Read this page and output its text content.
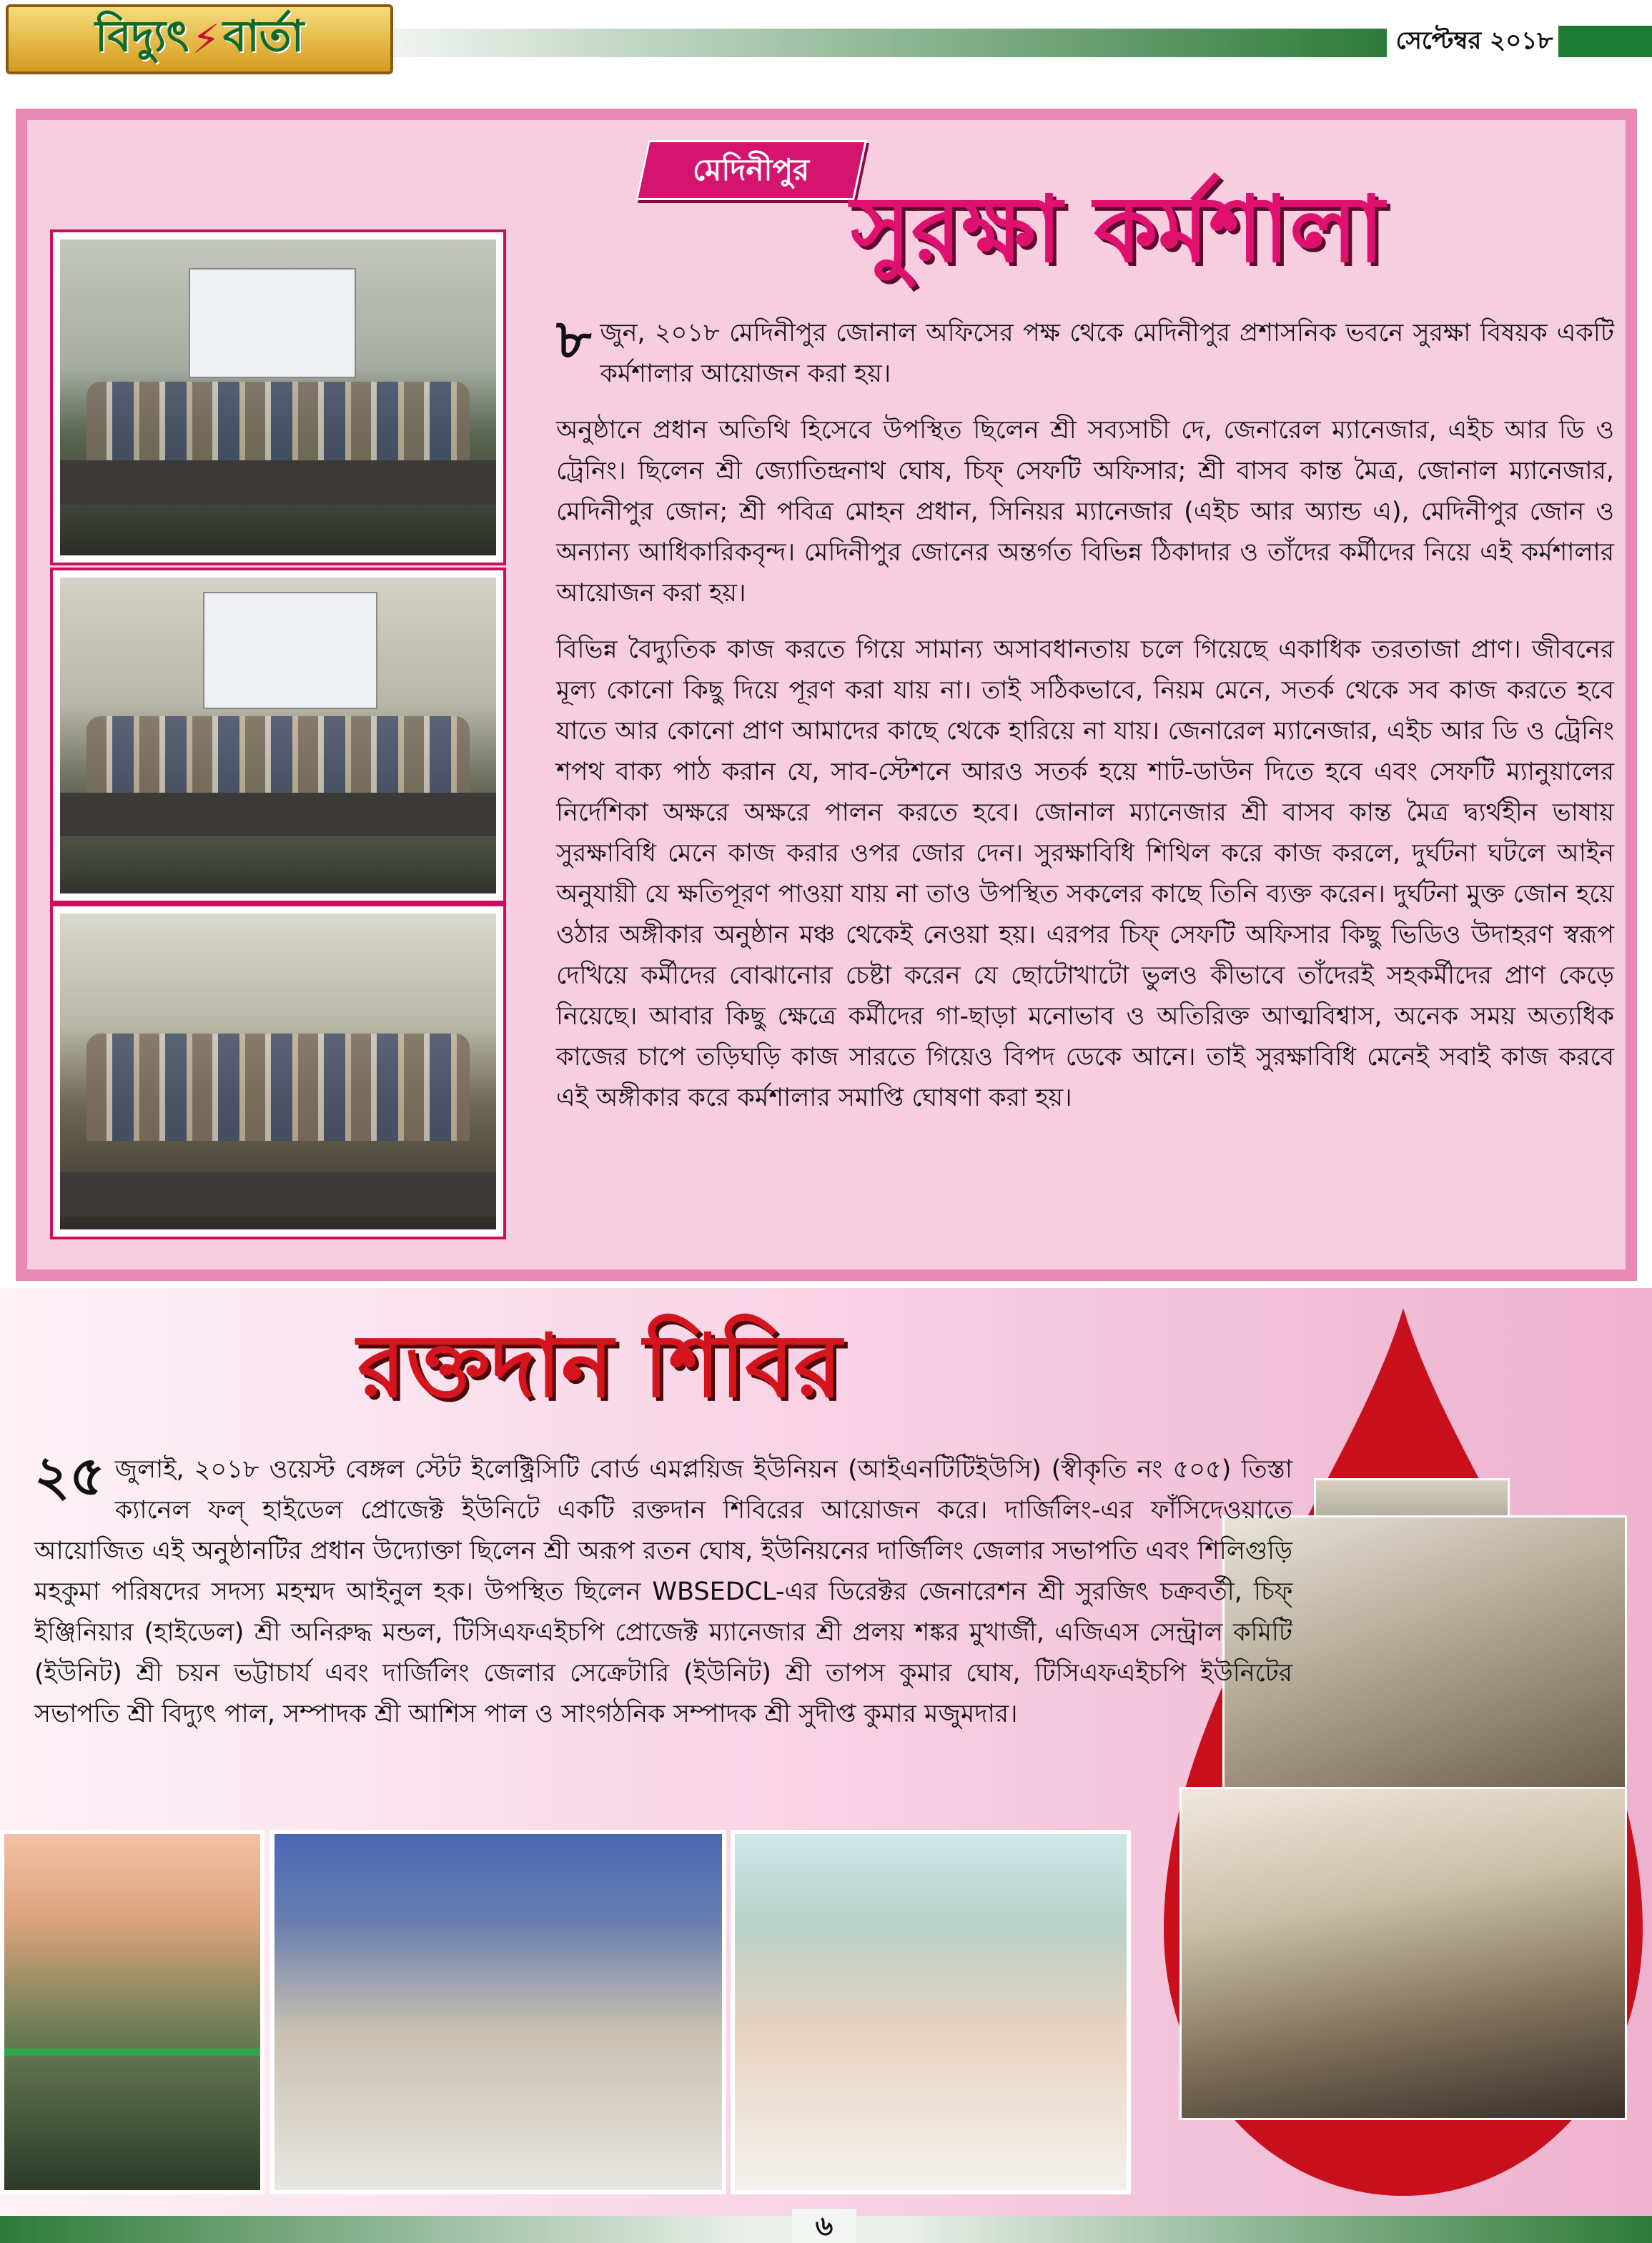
বিদ্যুৎ ⚡ বার্তা	সেপ্টেম্বর ২০১৮
মেদিনীপুর
সুরক্ষা কর্মশালা

৮ জুন, ২০১৮ মেদিনীপুর জোনাল অফিসের পক্ষ থেকে মেদিনীপুর প্রশাসনিক ভবনে সুরক্ষা বিষয়ক একটি কর্মশালার আয়োজন করা হয়।

অনুষ্ঠানে প্রধান অতিথি হিসেবে উপস্থিত ছিলেন শ্রী সব্যসাচী দে, জেনারেল ম্যানেজার, এইচ আর ডি ও ট্রেনিং। ছিলেন শ্রী জ্যোতিন্দ্রনাথ ঘোষ, চিফ্ সেফটি অফিসার; শ্রী বাসব কান্ত মৈত্র, জোনাল ম্যানেজার, মেদিনীপুর জোন; শ্রী পবিত্র মোহন প্রধান, সিনিয়র ম্যানেজার (এইচ আর অ্যান্ড এ), মেদিনীপুর জোন ও অন্যান্য আধিকারিকবৃন্দ। মেদিনীপুর জোনের অন্তর্গত বিভিন্ন ঠিকাদার ও তাঁদের কর্মীদের নিয়ে এই কর্মশালার আয়োজন করা হয়।

বিভিন্ন বৈদ্যুতিক কাজ করতে গিয়ে সামান্য অসাবধানতায় চলে গিয়েছে একাধিক তরতাজা প্রাণ। জীবনের মূল্য কোনো কিছু দিয়ে পূরণ করা যায় না। তাই সঠিকভাবে, নিয়ম মেনে, সতর্ক থেকে সব কাজ করতে হবে যাতে আর কোনো প্রাণ আমাদের কাছে থেকে হারিয়ে না যায়। জেনারেল ম্যানেজার, এইচ আর ডি ও ট্রেনিং শপথ বাক্য পাঠ করান যে, সাব-স্টেশনে আরও সতর্ক হয়ে শাট-ডাউন দিতে হবে এবং সেফটি ম্যানুয়ালের নির্দেশিকা অক্ষরে অক্ষরে পালন করতে হবে। জোনাল ম্যানেজার শ্রী বাসব কান্ত মৈত্র দ্ব্যর্থহীন ভাষায় সুরক্ষাবিধি মেনে কাজ করার ওপর জোর দেন। সুরক্ষাবিধি শিথিল করে কাজ করলে, দুর্ঘটনা ঘটলে আইন অনুযায়ী যে ক্ষতিপূরণ পাওয়া যায় না তাও উপস্থিত সকলের কাছে তিনি ব্যক্ত করেন। দুর্ঘটনা মুক্ত জোন হয়ে ওঠার অঙ্গীকার অনুষ্ঠান মঞ্চ থেকেই নেওয়া হয়। এরপর চিফ্ সেফটি অফিসার কিছু ভিডিও উদাহরণ স্বরূপ দেখিয়ে কর্মীদের বোঝানোর চেষ্টা করেন যে ছোটোখাটো ভুলও কীভাবে তাঁদেরই সহকর্মীদের প্রাণ কেড়ে নিয়েছে। আবার কিছু ক্ষেত্রে কর্মীদের গা-ছাড়া মনোভাব ও অতিরিক্ত আত্মবিশ্বাস, অনেক সময় অত্যধিক কাজের চাপে তড়িঘড়ি কাজ সারতে গিয়েও বিপদ ডেকে আনে। তাই সুরক্ষাবিধি মেনেই সবাই কাজ করবে এই অঙ্গীকার করে কর্মশালার সমাপ্তি ঘোষণা করা হয়।

রক্তদান শিবির
২৫ জুলাই, ২০১৮ ওয়েস্ট বেঙ্গল স্টেট ইলেক্ট্রিসিটি বোর্ড এমপ্লয়িজ ইউনিয়ন (আইএনটিটিইউসি) (স্বীকৃতি নং ৫০৫) তিস্তা ক্যানেল ফল্ হাইডেল প্রোজেক্ট ইউনিটে একটি রক্তদান শিবিরের আয়োজন করে। দার্জিলিং-এর ফাঁসিদেওয়াতে আয়োজিত এই অনুষ্ঠানটির প্রধান উদ্যোক্তা ছিলেন শ্রী অরূপ রতন ঘোষ, ইউনিয়নের দার্জিলিং জেলার সভাপতি এবং শিলিগুড়ি মহকুমা পরিষদের সদস্য মহম্মদ আইনুল হক। উপস্থিত ছিলেন WBSEDCL-এর ডিরেক্টর জেনারেশন শ্রী সুরজিৎ চক্রবর্তী, চিফ্ ইঞ্জিনিয়ার (হাইডেল) শ্রী অনিরুদ্ধ মন্ডল, টিসিএফএইচপি প্রোজেক্ট ম্যানেজার শ্রী প্রলয় শঙ্কর মুখার্জী, এজিএস সেন্ট্রাল কমিটি (ইউনিট) শ্রী চয়ন ভট্টাচার্য এবং দার্জিলিং জেলার সেক্রেটারি (ইউনিট) শ্রী তাপস কুমার ঘোষ, টিসিএফএইচপি ইউনিটের সভাপতি শ্রী বিদ্যুৎ পাল, সম্পাদক শ্রী আশিস পাল ও সাংগঠনিক সম্পাদক শ্রী সুদীপ্ত কুমার মজুমদার।
৬
